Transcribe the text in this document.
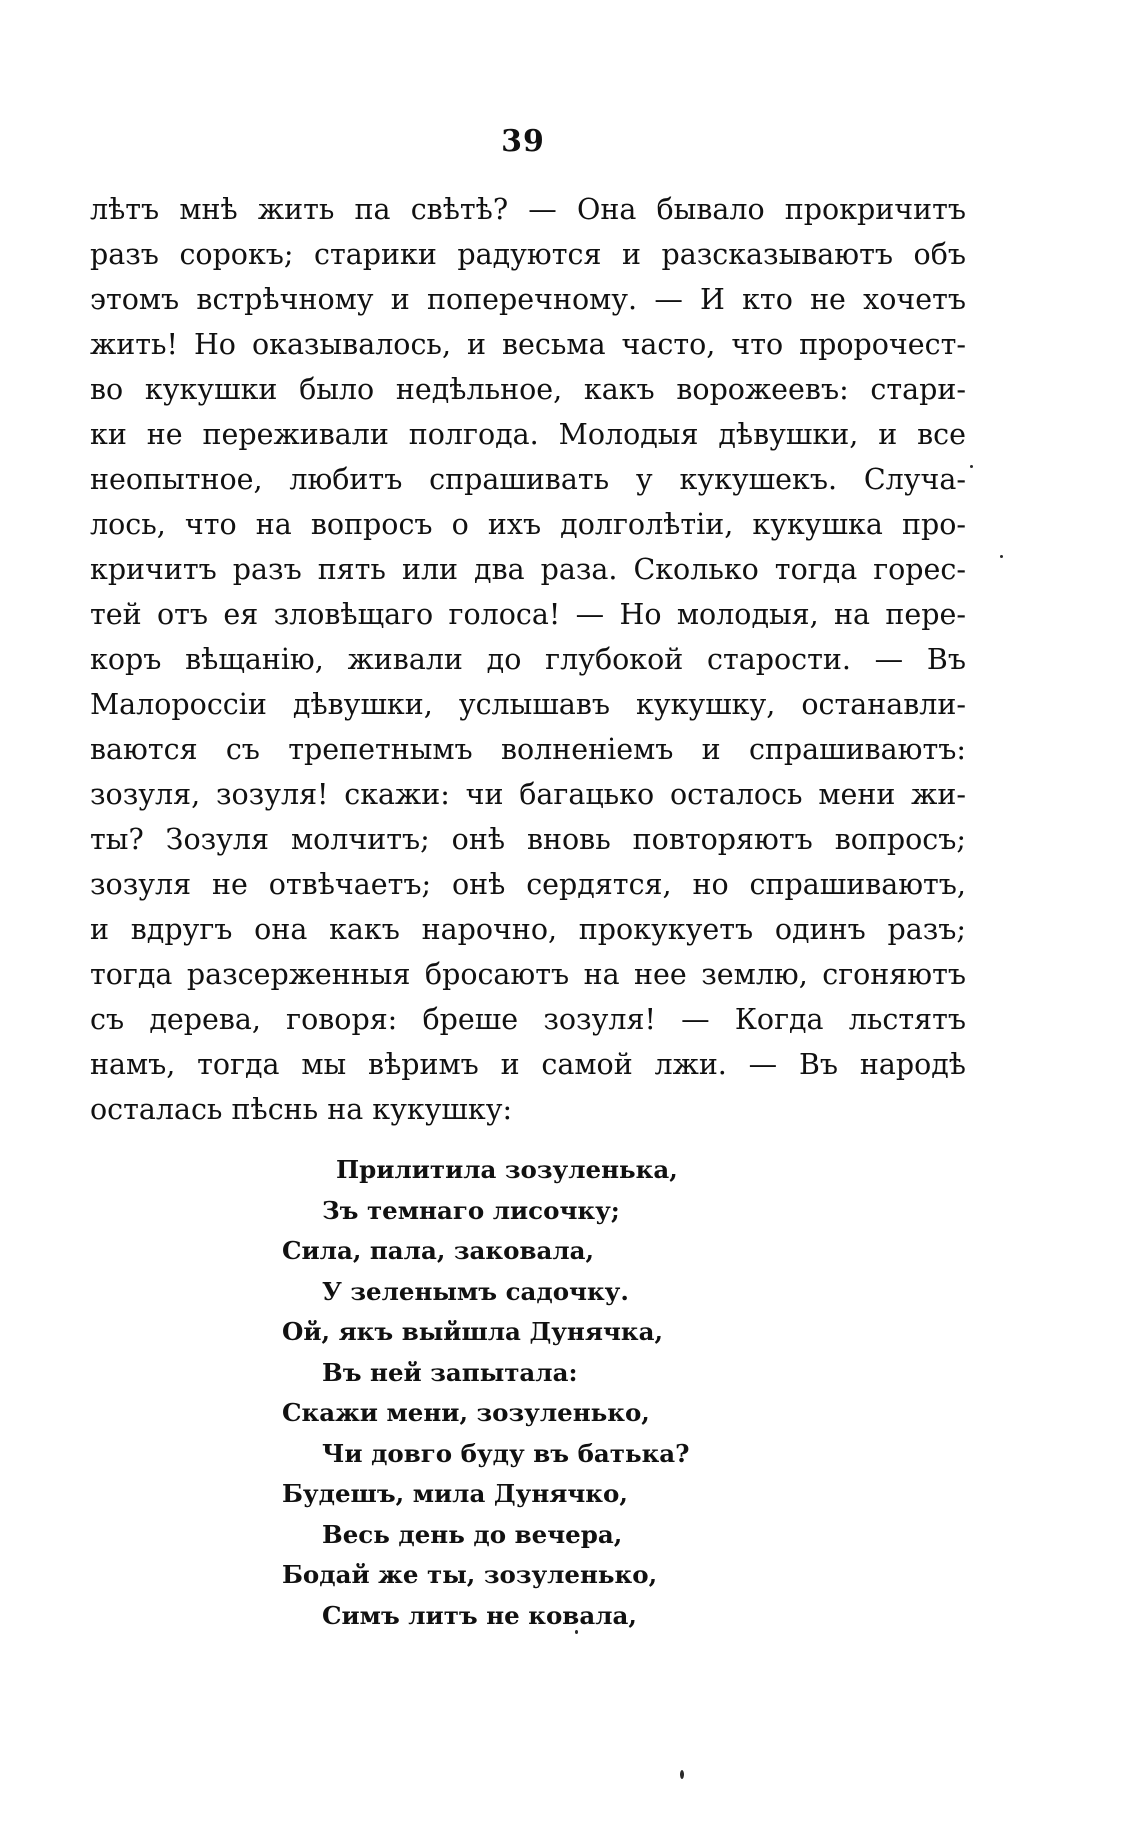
39
лѣтъ мнѣ жить па свѣтѣ? — Она бывало прокричитъ
разъ сорокъ; старики радуются и разсказываютъ объ
этомъ встрѣчному и поперечному. — И кто не хочетъ
жить! Но оказывалось, и весьма часто, что пророчест-
во кукушки было недѣльное, какъ ворожеевъ: стари-
ки не переживали полгода. Молодыя дѣвушки, и все
неопытное, любитъ спрашивать у кукушекъ. Случа-
лось, что на вопросъ о ихъ долголѣтіи, кукушка про-
кричитъ разъ пять или два раза. Сколько тогда горес-
тей отъ ея зловѣщаго голоса! — Но молодыя, на пере-
коръ вѣщанію, живали до глубокой старости. — Въ
Малороссіи дѣвушки, услышавъ кукушку, останавли-
ваются съ трепетнымъ волненіемъ и спрашиваютъ:
зозуля, зозуля! скажи: чи багацько осталось мени жи-
ты? Зозуля молчитъ; онѣ вновь повторяютъ вопросъ;
зозуля не отвѣчаетъ; онѣ сердятся, но спрашиваютъ,
и вдругъ она какъ нарочно, прокукуетъ одинъ разъ;
тогда разсерженныя бросаютъ на нее землю, сгоняютъ
съ дерева, говоря: бреше зозуля! — Когда льстятъ
намъ, тогда мы вѣримъ и самой лжи. — Въ народѣ
осталась пѣснь на кукушку:
Прилитила зозуленька,
Зъ темнаго лисочку;
Сила, пала, заковала,
У зеленымъ садочку.
Ой, якъ выйшла Дунячка,
Въ ней запытала:
Скажи мени, зозуленько,
Чи довго буду въ батька?
Будешъ, мила Дунячко,
Весь день до вечера,
Бодай же ты, зозуленько,
Симъ литъ не ковала,
